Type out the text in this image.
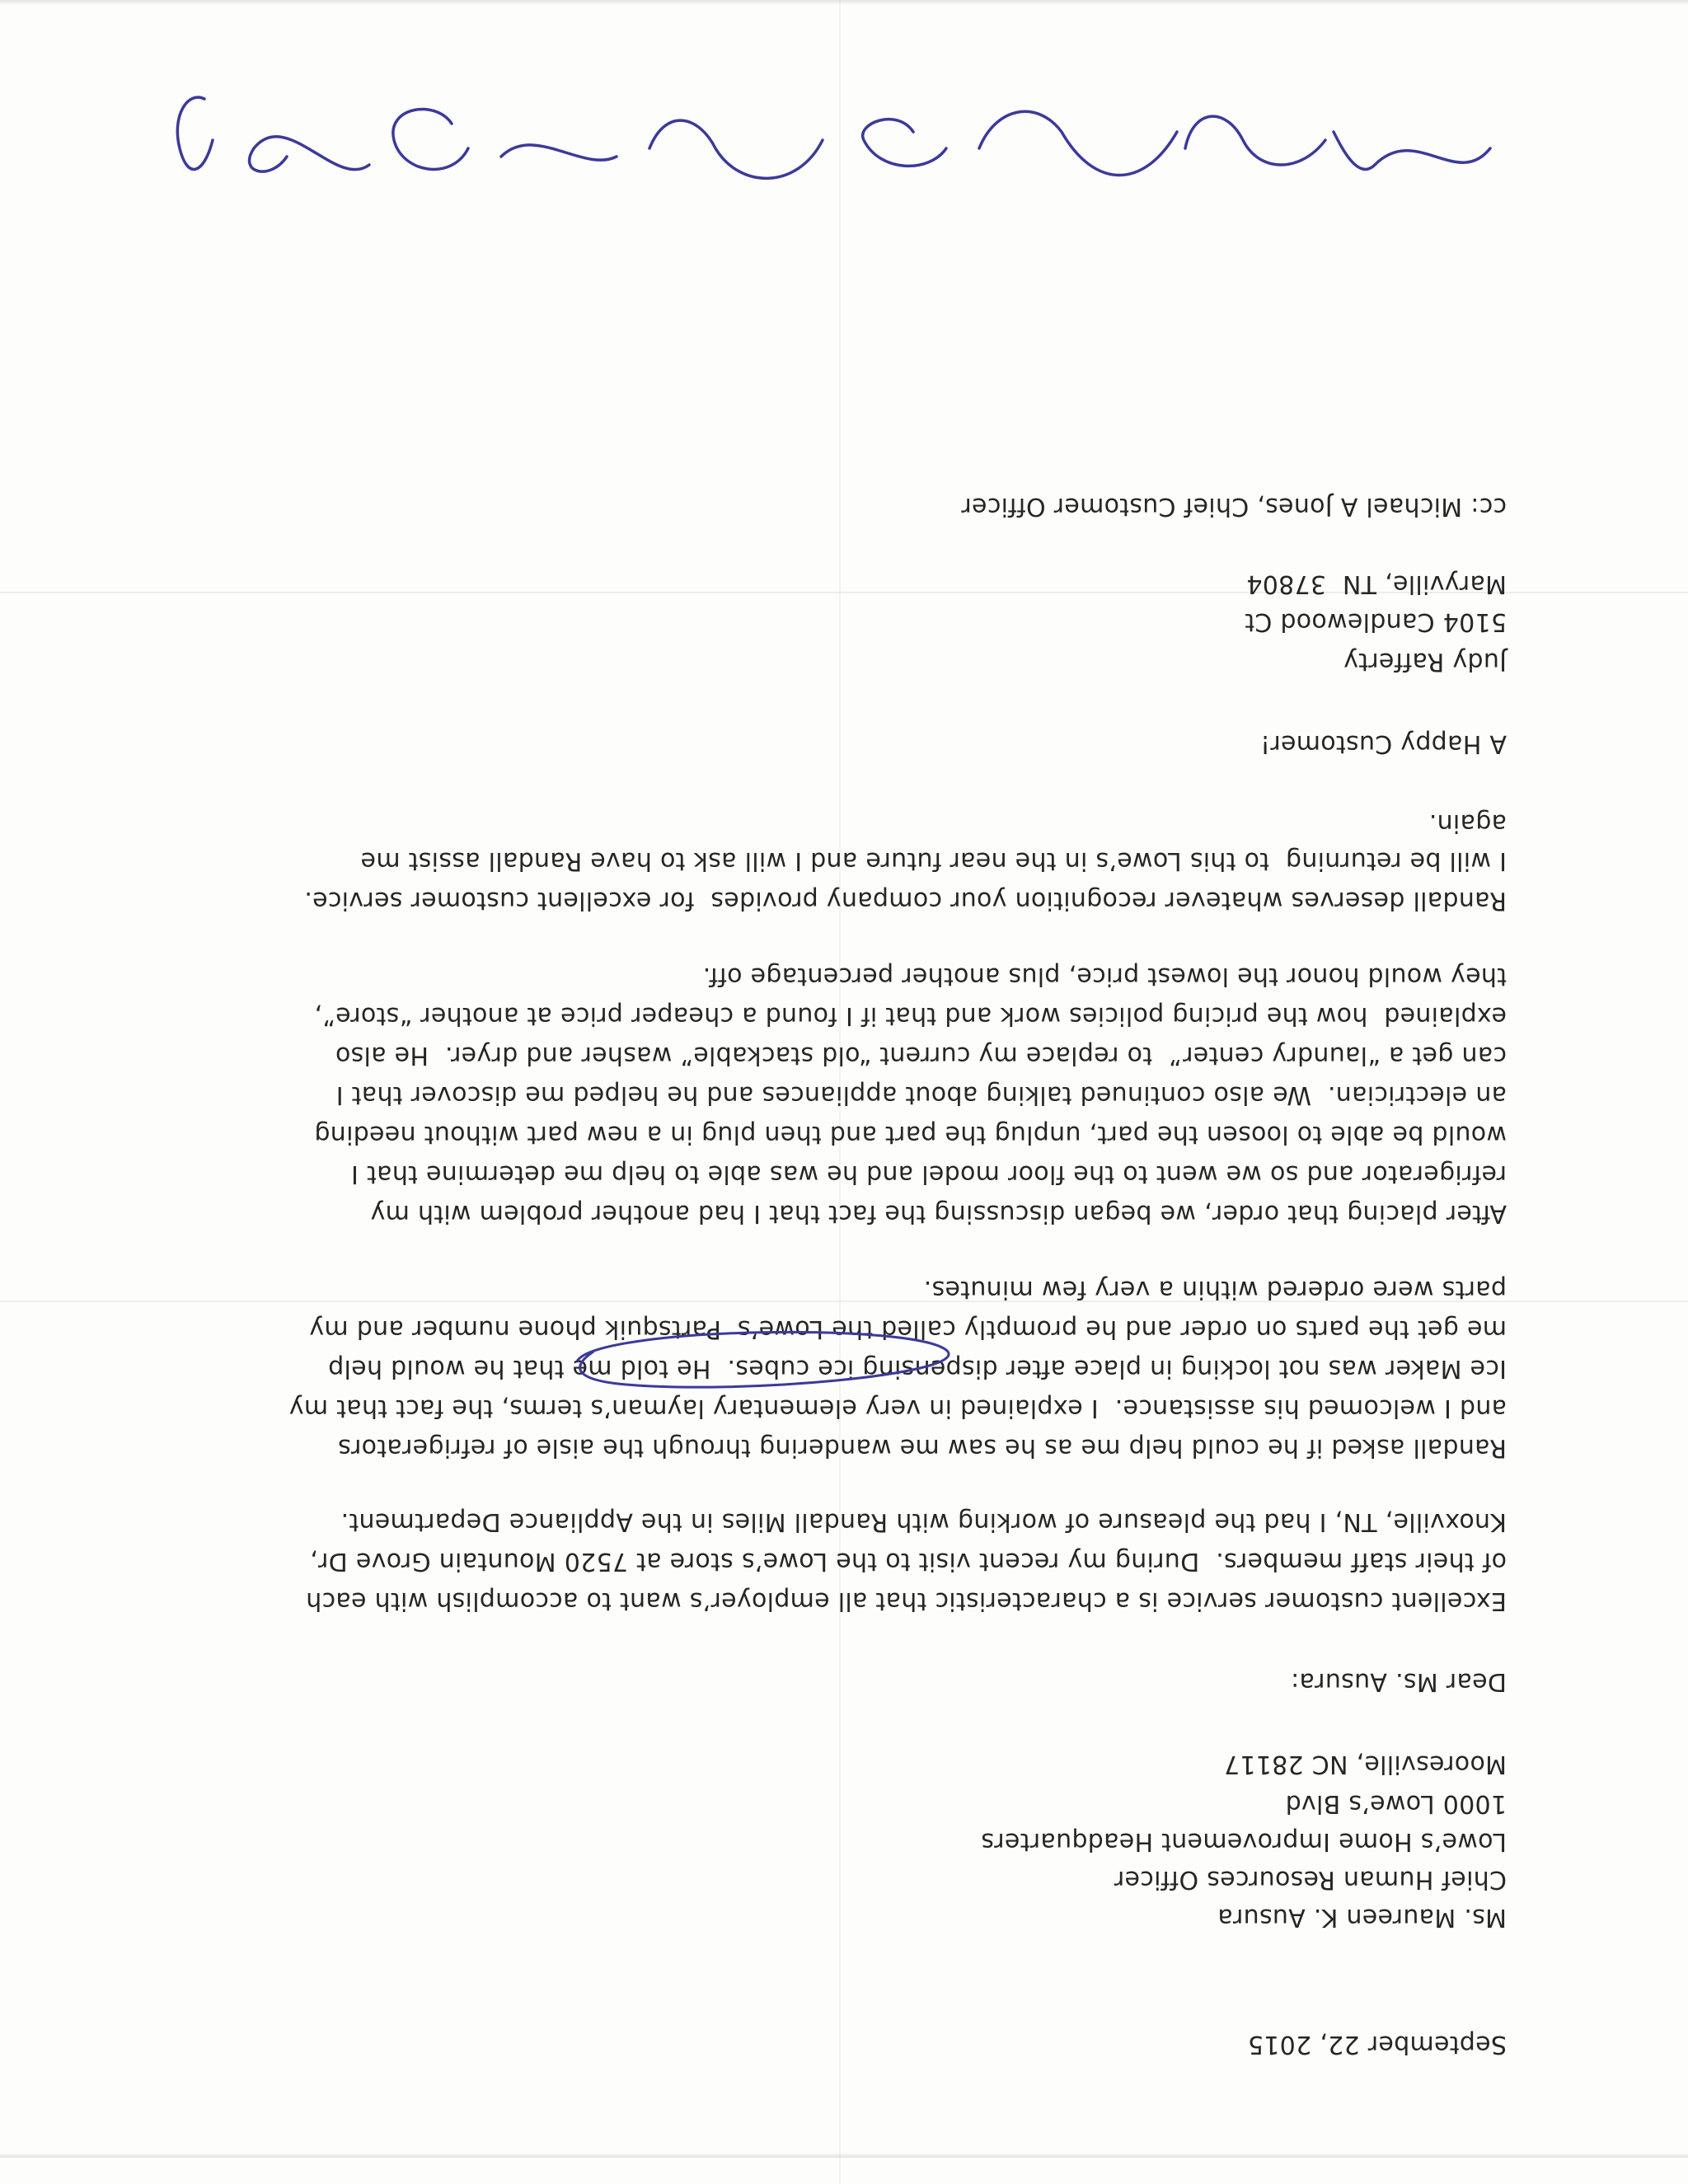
September 22, 2015
Ms. Maureen K. Ausura
Chief Human Resources Officer
Lowe’s Home Improvement Headquarters
1000 Lowe’s Blvd
Mooresville, NC 28117
Dear Ms. Ausura:
Excellent customer service is a characteristic that all employer’s want to accomplish with each
of their staff members.  During my recent visit to the Lowe’s store at 7520 Mountain Grove Dr,
Knoxville, TN, I had the pleasure of working with Randall Miles in the Appliance Department.
Randall asked if he could help me as he saw me wandering through the aisle of refrigerators
and I welcomed his assistance.  I explained in very elementary layman’s terms, the fact that my
Ice Maker was not locking in place after dispensing ice cubes.  He told me that he would help
me get the parts on order and he promptly called the Lowe’s  Partsquik phone number and my
parts were ordered within a very few minutes.
After placing that order, we began discussing the fact that I had another problem with my
refrigerator and so we went to the floor model and he was able to help me determine that I
would be able to loosen the part, unplug the part and then plug in a new part without needing
an electrician.  We also continued talking about appliances and he helped me discover that I
can get a “laundry center”  to replace my current “old stackable” washer and dryer.  He also
explained  how the pricing policies work and that if I found a cheaper price at another “store”,
they would honor the lowest price, plus another percentage off.
Randall deserves whatever recognition your company provides  for excellent customer service.
I will be returning  to this Lowe’s in the near future and I will ask to have Randall assist me
again.
A Happy Customer!
Judy Rafferty
5104 Candlewood Ct
Maryville, TN  37804
cc: Michael A Jones, Chief Customer Officer
